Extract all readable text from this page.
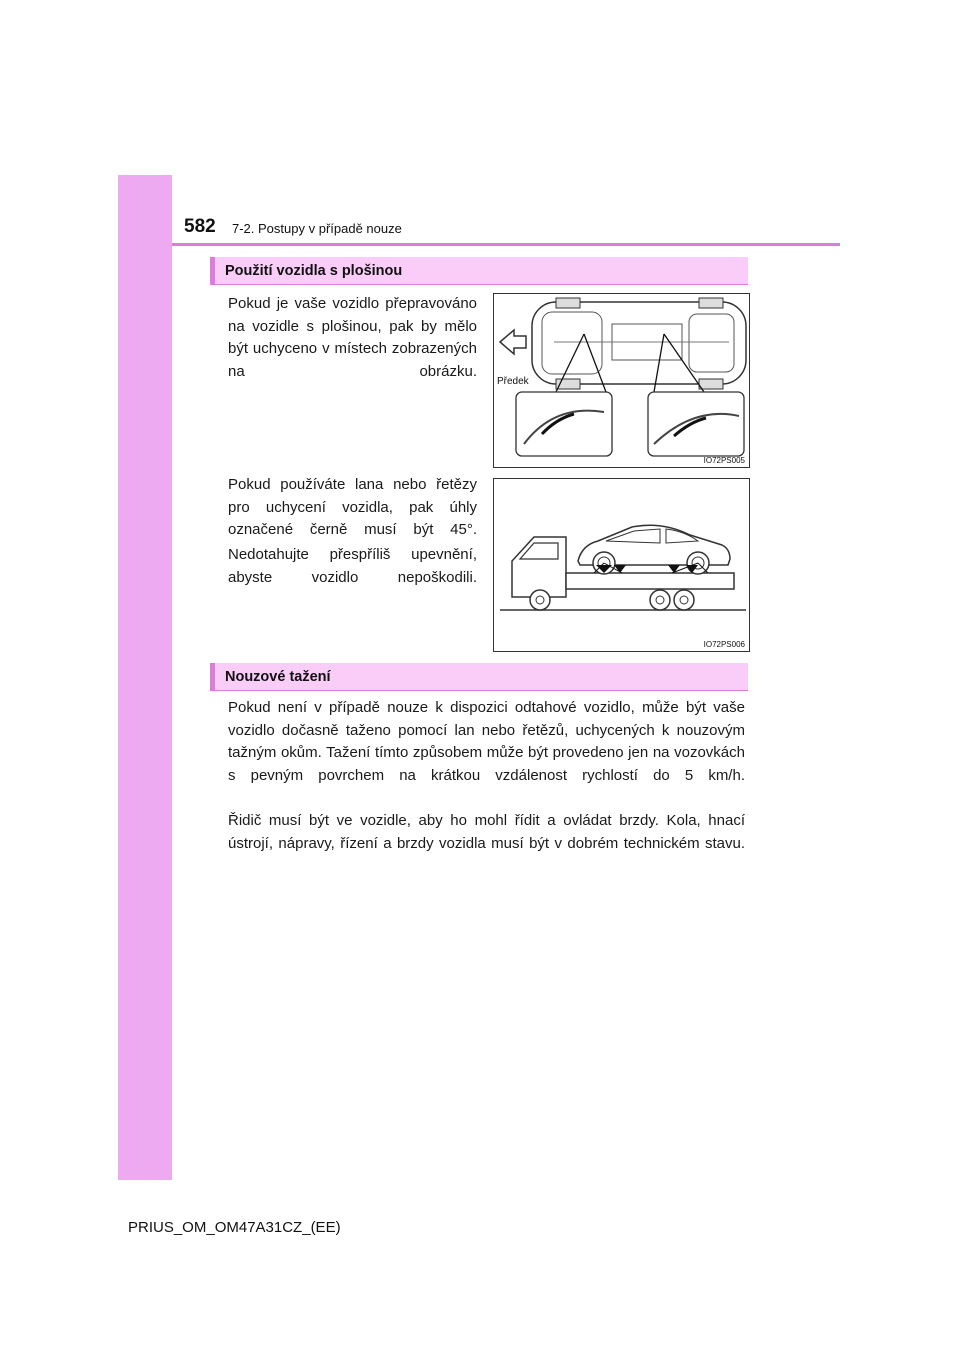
582 7-2. Postupy v případě nouze
Použití vozidla s plošinou

Pokud je vaše vozidlo přepravováno na vozidle s plošinou, pak by mělo být uchyceno v místech zobrazených na obrázku.

Pokud používáte lana nebo řetězy pro uchycení vozidla, pak úhly označené černě musí být 45°.

Nedotahujte přespříliš upevnění, abyste vozidlo nepoškodili.

Předek
IO72PS005
IO72PS006
Nouzové tažení

Pokud není v případě nouze k dispozici odtahové vozidlo, může být vaše vozidlo dočasně taženo pomocí lan nebo řetězů, uchycených k nouzovým tažným okům. Tažení tímto způsobem může být provedeno jen na vozovkách s pevným povrchem na krátkou vzdálenost rychlostí do 5 km/h.

Řidič musí být ve vozidle, aby ho mohl řídit a ovládat brzdy. Kola, hnací ústrojí, nápravy, řízení a brzdy vozidla musí být v dobrém technickém stavu.

PRIUS_OM_OM47A31CZ_(EE)
